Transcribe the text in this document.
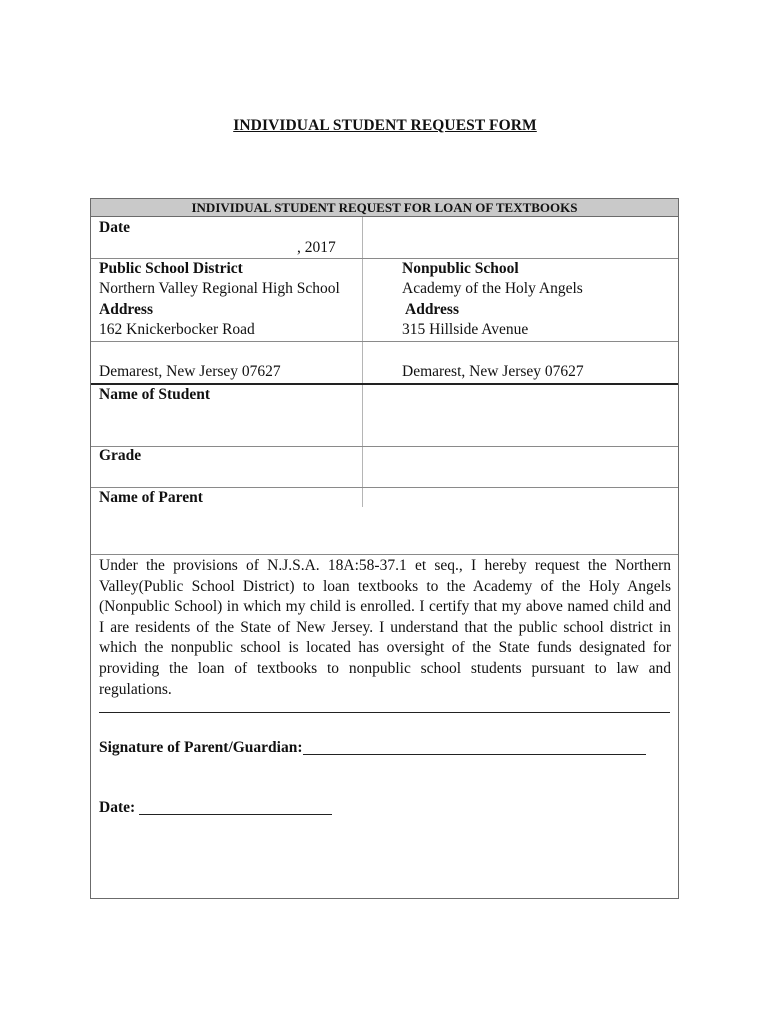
INDIVIDUAL STUDENT REQUEST FORM
INDIVIDUAL STUDENT REQUEST FOR LOAN OF TEXTBOOKS
Date
, 2017
Public School District
Northern Valley Regional High School
Nonpublic School
Academy of the Holy Angels
Address
162 Knickerbocker Road
Address
315 Hillside Avenue
Demarest, New Jersey 07627	Demarest, New Jersey 07627
Name of Student
Grade
Name of Parent
Under the provisions of N.J.S.A. 18A:58-37.1 et seq., I hereby request the Northern Valley(Public School District) to loan textbooks to the Academy of the Holy Angels (Nonpublic School) in which my child is enrolled. I certify that my above named child and I are residents of the State of New Jersey. I understand that the public school district in which the nonpublic school is located has oversight of the State funds designated for providing the loan of textbooks to nonpublic school students pursuant to law and regulations.
Signature of Parent/Guardian:
Date:
